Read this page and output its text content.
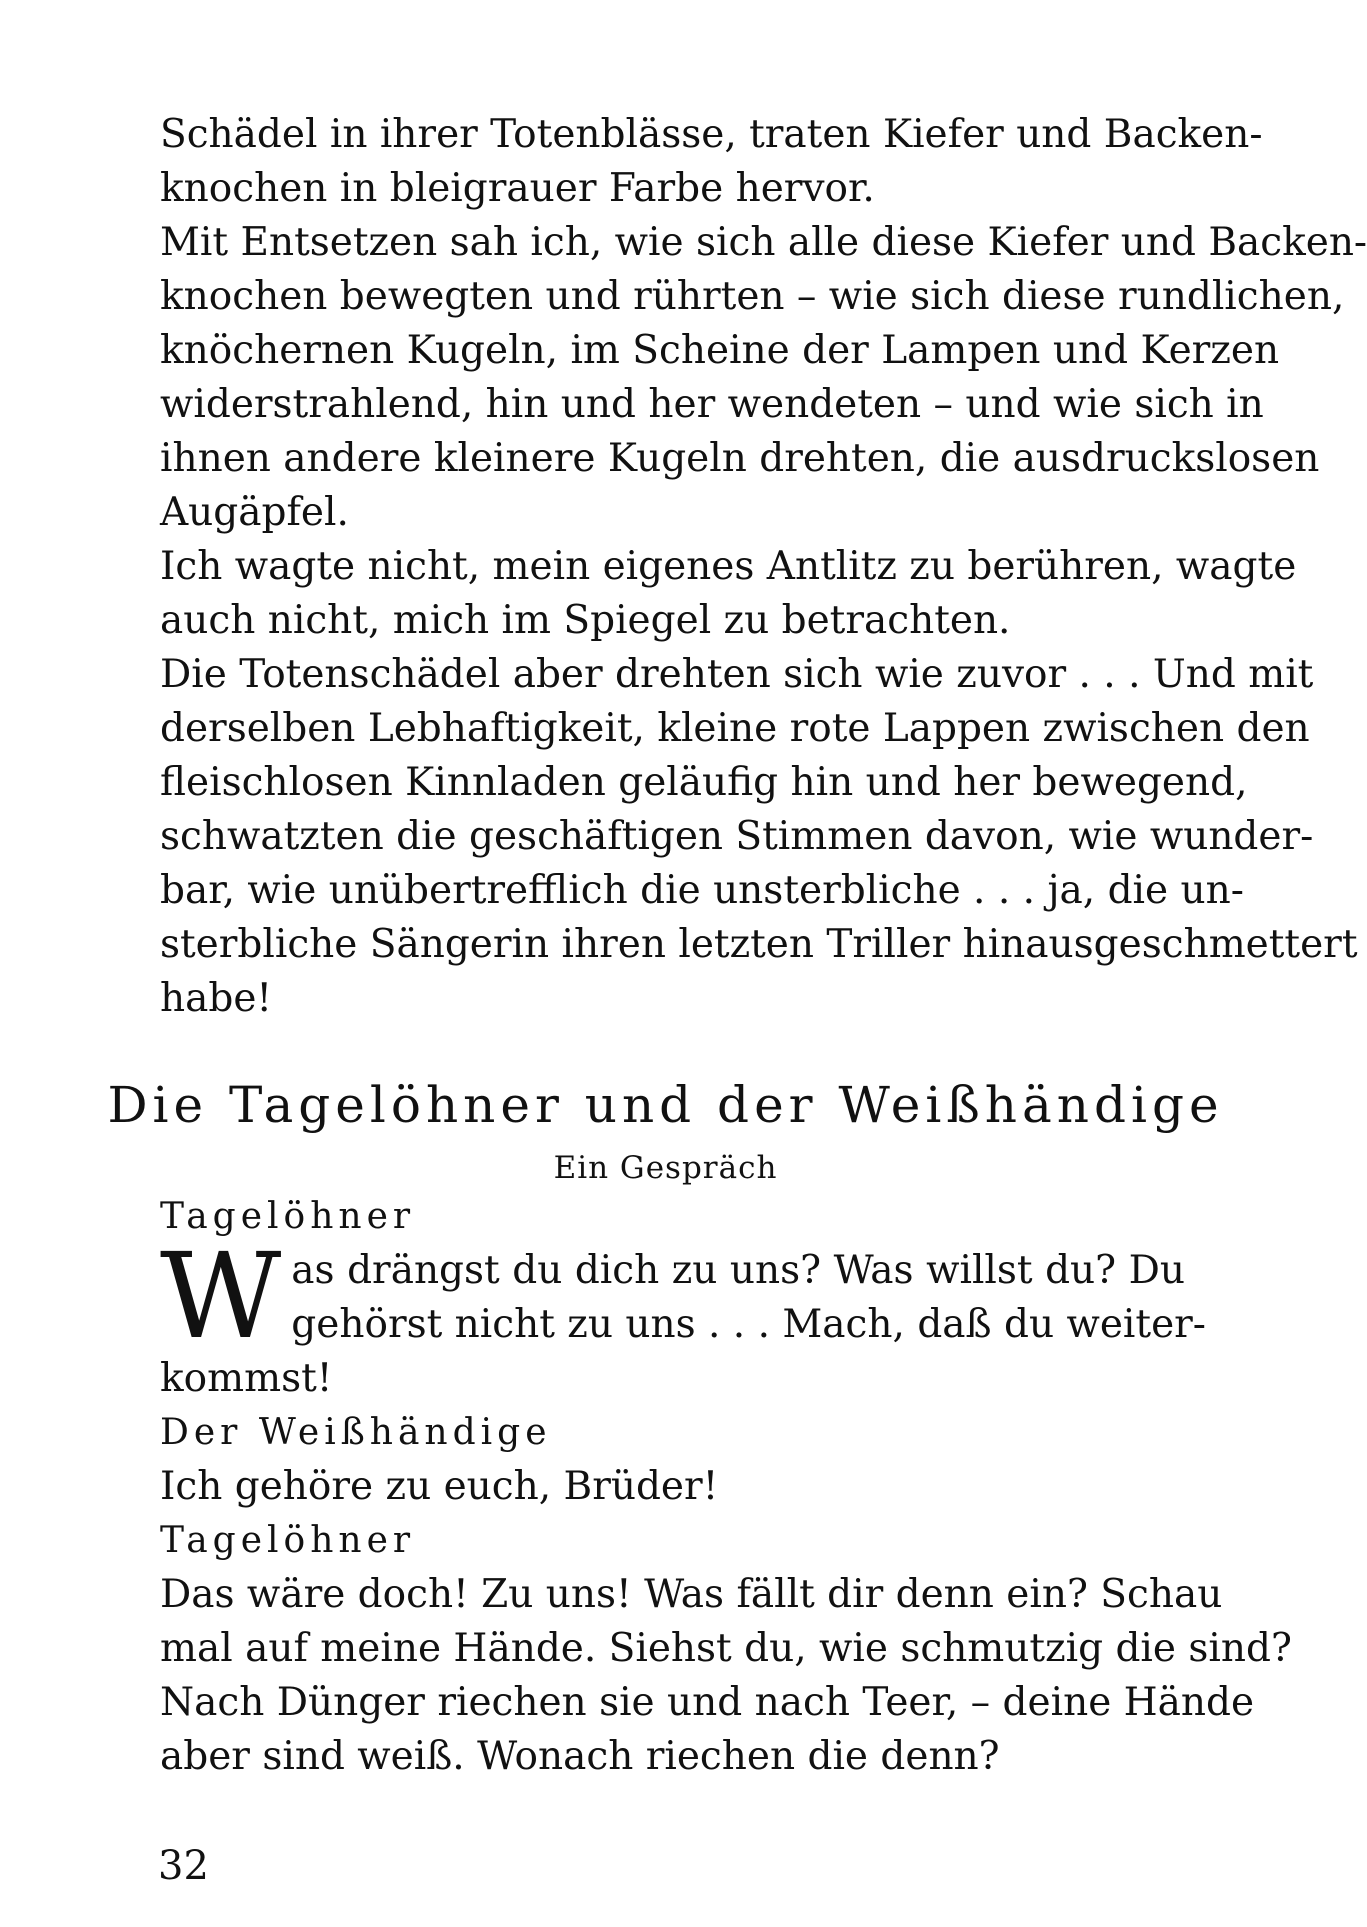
Schädel in ihrer Totenblässe, traten Kiefer und Backen-
knochen in bleigrauer Farbe hervor.
Mit Entsetzen sah ich, wie sich alle diese Kiefer und Backen-
knochen bewegten und rührten – wie sich diese rundlichen,
knöchernen Kugeln, im Scheine der Lampen und Kerzen
widerstrahlend, hin und her wendeten – und wie sich in
ihnen andere kleinere Kugeln drehten, die ausdruckslosen
Augäpfel.
Ich wagte nicht, mein eigenes Antlitz zu berühren, wagte
auch nicht, mich im Spiegel zu betrachten.
Die Totenschädel aber drehten sich wie zuvor . . . Und mit
derselben Lebhaftigkeit, kleine rote Lappen zwischen den
fleischlosen Kinnladen geläufig hin und her bewegend,
schwatzten die geschäftigen Stimmen davon, wie wunder-
bar, wie unübertrefflich die unsterbliche . . . ja, die un-
sterbliche Sängerin ihren letzten Triller hinausgeschmettert
habe!
Die Tagelöhner und der Weißhändige
Ein Gespräch
Tagelöhner
W as drängst du dich zu uns? Was willst du? Du
gehörst nicht zu uns . . . Mach, daß du weiter-
kommst!
Der Weißhändige
Ich gehöre zu euch, Brüder!
Tagelöhner
Das wäre doch! Zu uns! Was fällt dir denn ein? Schau
mal auf meine Hände. Siehst du, wie schmutzig die sind?
Nach Dünger riechen sie und nach Teer, – deine Hände
aber sind weiß. Wonach riechen die denn?
32
